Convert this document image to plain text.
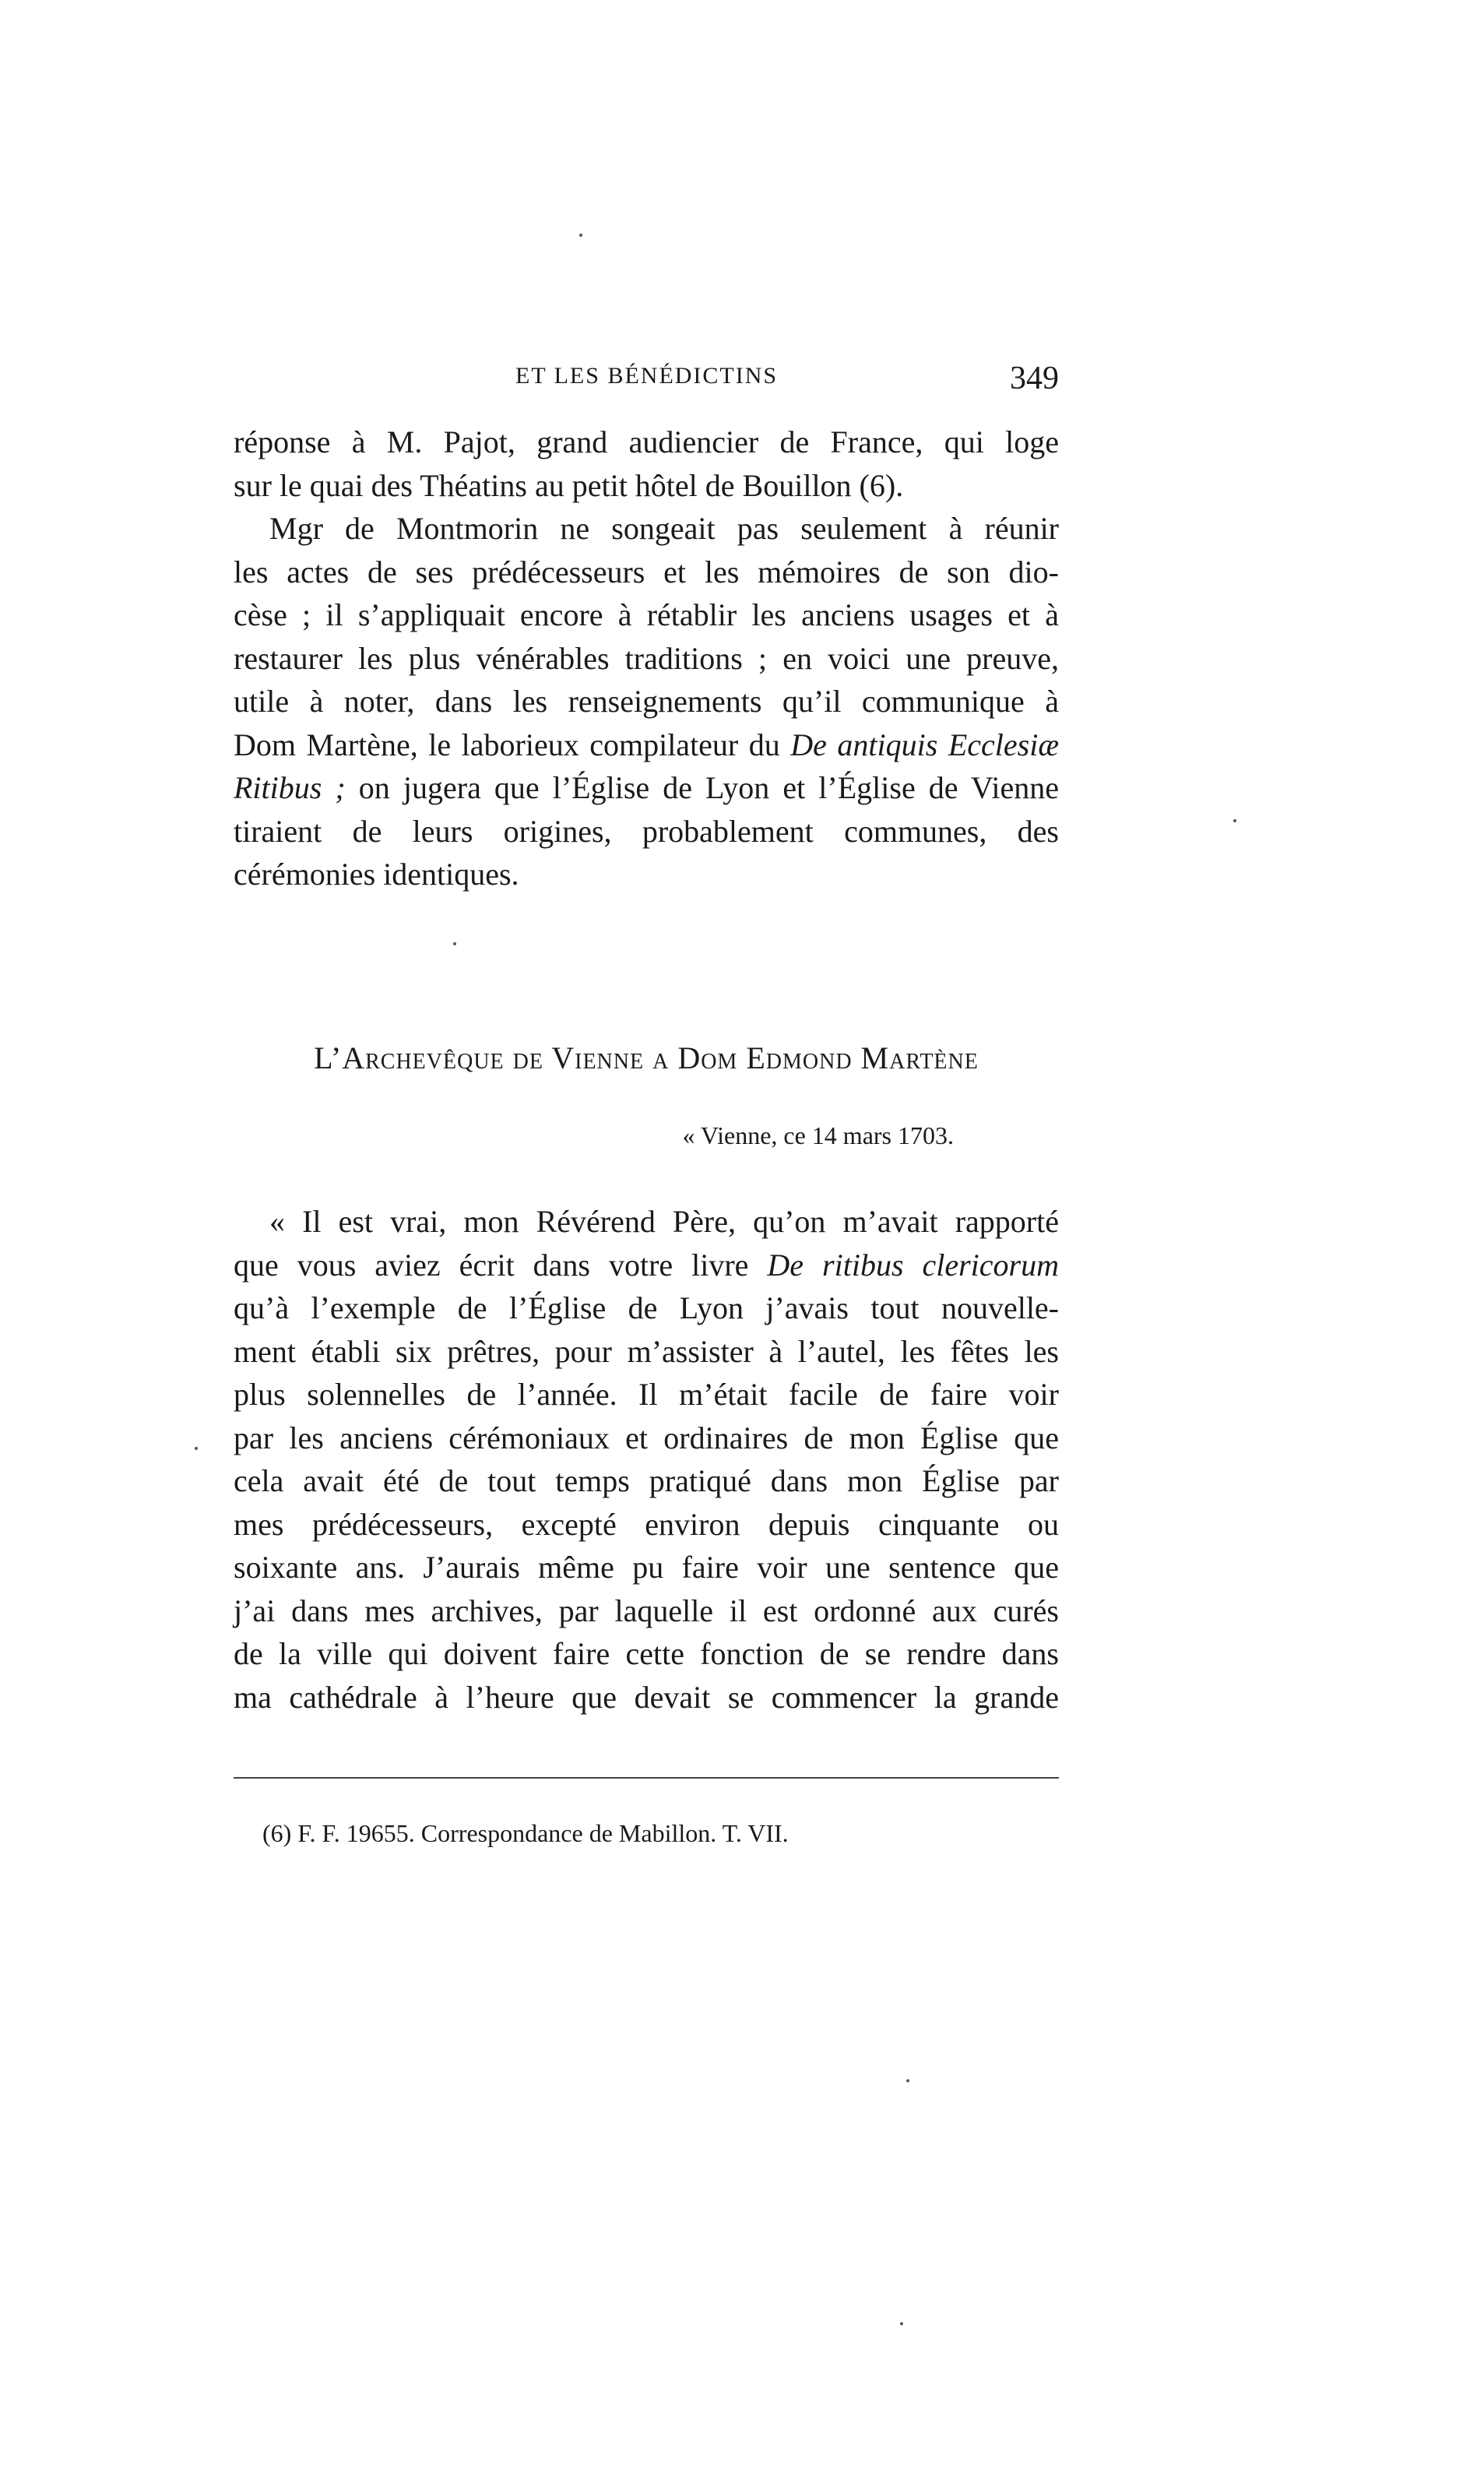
ET LES BÉNÉDICTINS	349
réponse à M. Pajot, grand audiencier de France, qui loge
sur le quai des Théatins au petit hôtel de Bouillon (6).
Mgr de Montmorin ne songeait pas seulement à réunir
les actes de ses prédécesseurs et les mémoires de son dio-
cèse ; il s’appliquait encore à rétablir les anciens usages et à
restaurer les plus vénérables traditions ; en voici une preuve,
utile à noter, dans les renseignements qu’il communique à
Dom Martène, le laborieux compilateur du De antiquis Ecclesiæ
Ritibus ; on jugera que l’Église de Lyon et l’Église de Vienne
tiraient de leurs origines, probablement communes, des
cérémonies identiques.
L’Archevêque de Vienne a Dom Edmond Martène
« Vienne, ce 14 mars 1703.
« Il est vrai, mon Révérend Père, qu’on m’avait rapporté
que vous aviez écrit dans votre livre De ritibus clericorum
qu’à l’exemple de l’Église de Lyon j’avais tout nouvelle-
ment établi six prêtres, pour m’assister à l’autel, les fêtes les
plus solennelles de l’année. Il m’était facile de faire voir
par les anciens cérémoniaux et ordinaires de mon Église que
cela avait été de tout temps pratiqué dans mon Église par
mes prédécesseurs, excepté environ depuis cinquante ou
soixante ans. J’aurais même pu faire voir une sentence que
j’ai dans mes archives, par laquelle il est ordonné aux curés
de la ville qui doivent faire cette fonction de se rendre dans
ma cathédrale à l’heure que devait se commencer la grande
(6) F. F. 19655. Correspondance de Mabillon. T. VII.
